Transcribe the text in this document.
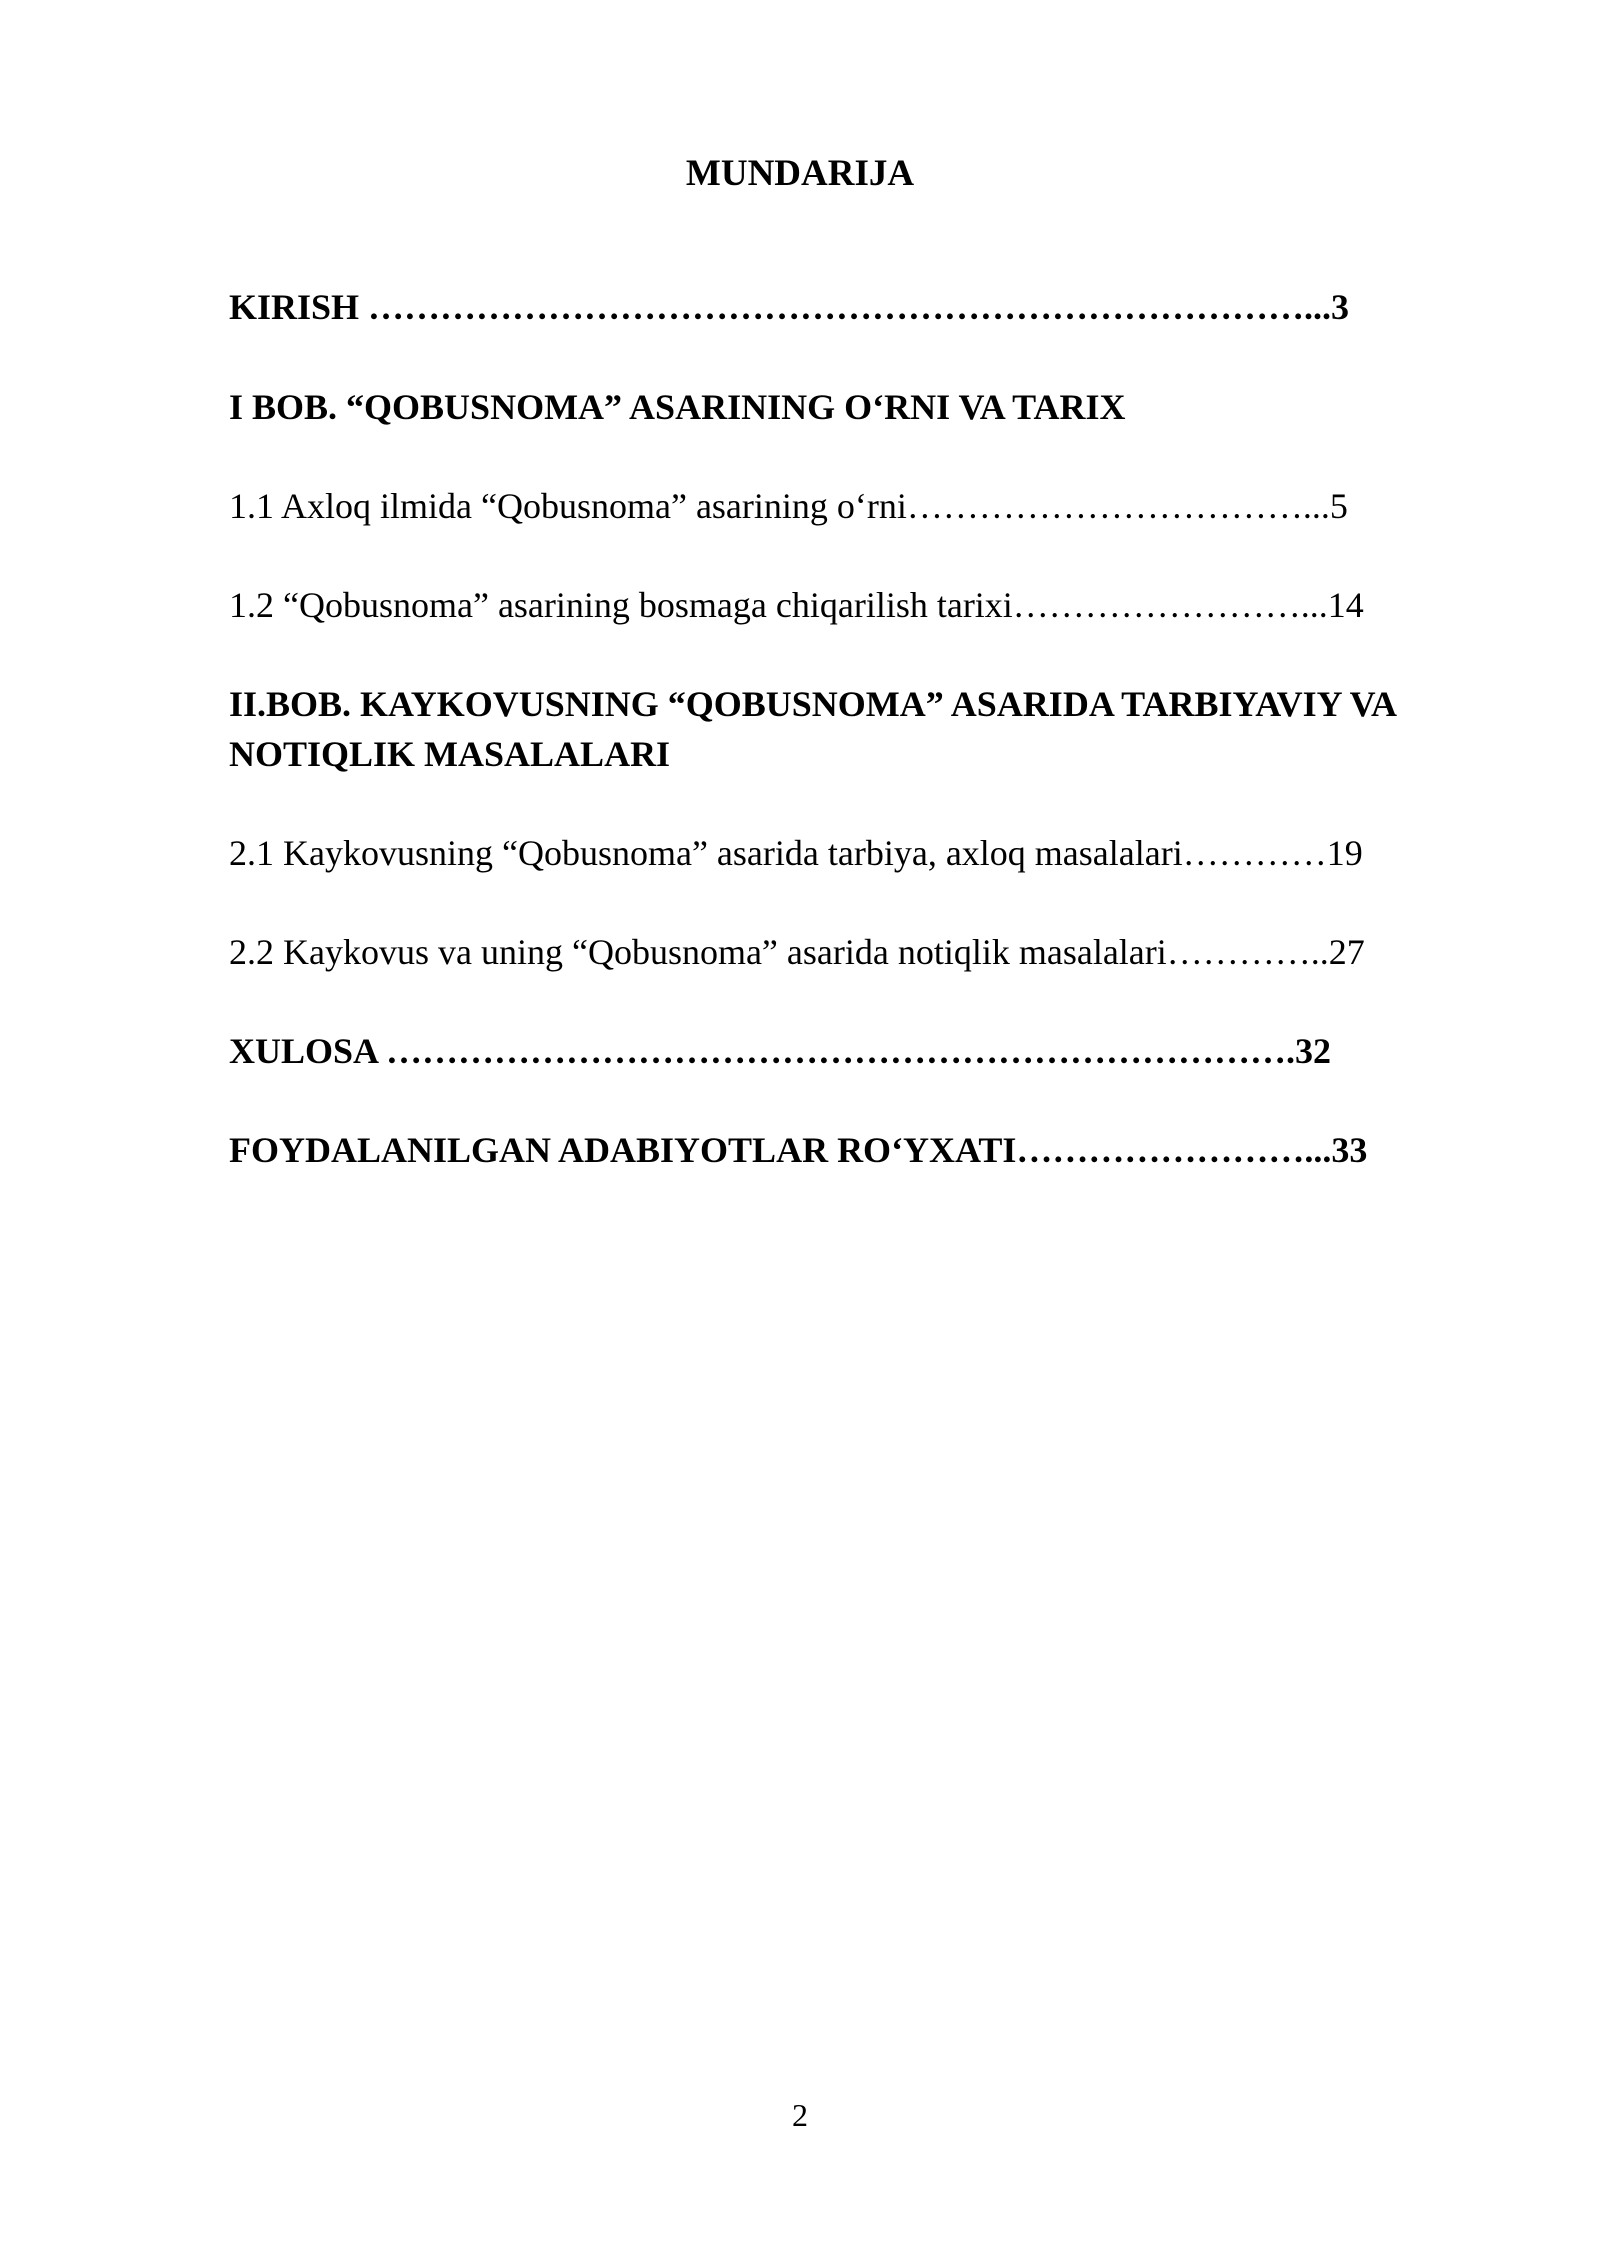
MUNDARIJA
KIRISH ……………………………………………………………………...3
I BOB. “QOBUSNOMA” ASARINING O‘RNI VA TARIX
1.1 Axloq ilmida “Qobusnoma” asarining o‘rni……………………………...5
1.2 “Qobusnoma” asarining bosmaga chiqarilish tarixi……………………...14
II.BOB. KAYKOVUSNING “QOBUSNOMA” ASARIDA TARBIYAVIY VA NOTIQLIK MASALALARI
2.1 Kaykovusning “Qobusnoma” asarida tarbiya, axloq masalalari…………19
2.2 Kaykovus va uning “Qobusnoma” asarida notiqlik masalalari…………..27
XULOSA ………………………………………………………………….32
FOYDALANILGAN ADABIYOTLAR RO‘YXATI……………………...33
2
